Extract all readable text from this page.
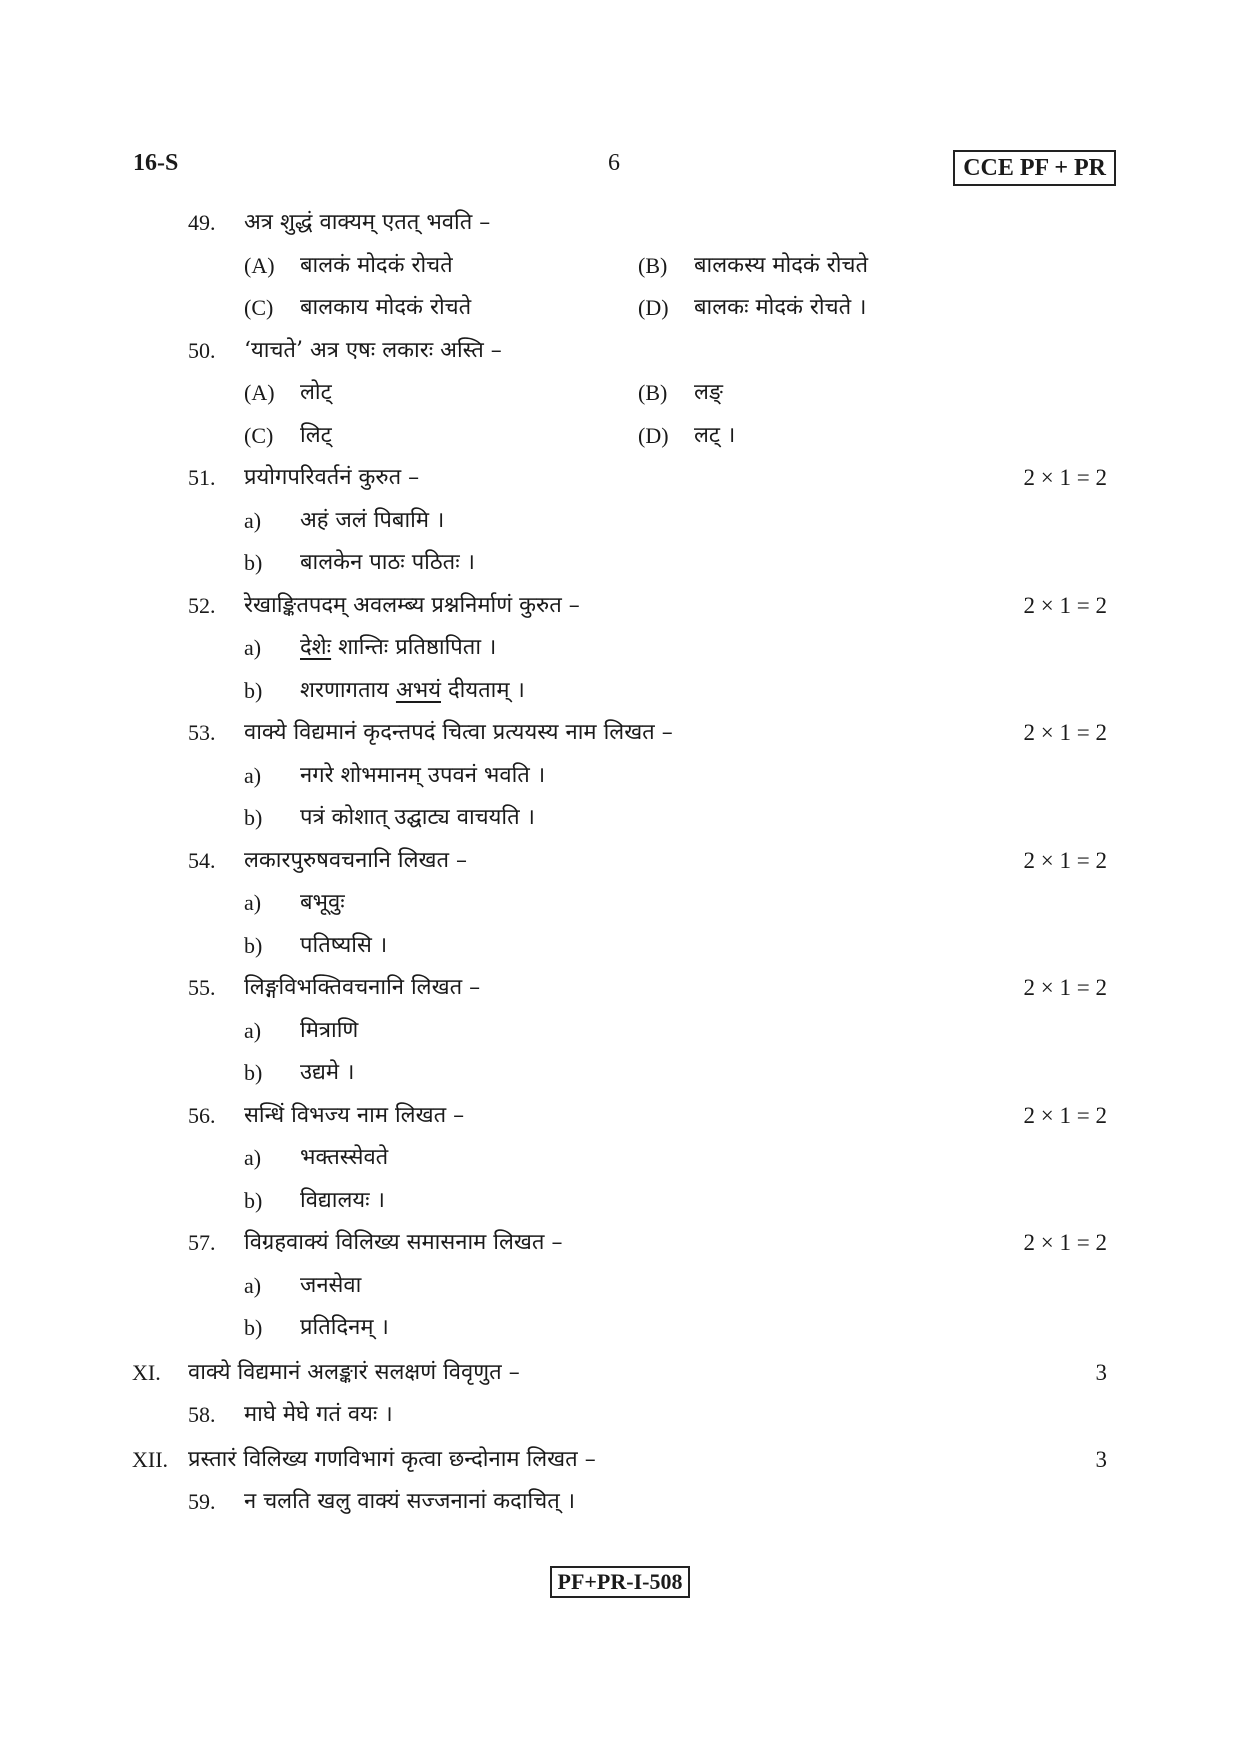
16-S	6	CCE PF + PR
49. अत्र शुद्धं वाक्यम् एतत् भवति –
(A) बालकं मोदकं रोचते	(B) बालकस्य मोदकं रोचते
(C) बालकाय मोदकं रोचते	(D) बालकः मोदकं रोचते ।
50. ‘याचते’ अत्र एषः लकारः अस्ति –
(A) लोट्	(B) लङ्
(C) लिट्	(D) लट् ।
51. प्रयोगपरिवर्तनं कुरुत –	2 × 1 = 2
a) अहं जलं पिबामि ।
b) बालकेन पाठः पठितः ।
52. रेखाङ्कितपदम् अवलम्ब्य प्रश्ननिर्माणं कुरुत –	2 × 1 = 2
a) देशेः शान्तिः प्रतिष्ठापिता ।
b) शरणागताय अभयं दीयताम् ।
53. वाक्ये विद्यमानं कृदन्तपदं चित्वा प्रत्ययस्य नाम लिखत –	2 × 1 = 2
a) नगरे शोभमानम् उपवनं भवति ।
b) पत्रं कोशात् उद्घाट्य वाचयति ।
54. लकारपुरुषवचनानि लिखत –	2 × 1 = 2
a) बभूवुः
b) पतिष्यसि ।
55. लिङ्गविभक्तिवचनानि लिखत –	2 × 1 = 2
a) मित्राणि
b) उद्यमे ।
56. सन्धिं विभज्य नाम लिखत –	2 × 1 = 2
a) भक्तस्सेवते
b) विद्यालयः ।
57. विग्रहवाक्यं विलिख्य समासनाम लिखत –	2 × 1 = 2
a) जनसेवा
b) प्रतिदिनम् ।
XI. वाक्ये विद्यमानं अलङ्कारं सलक्षणं विवृणुत –	3
58. माघे मेघे गतं वयः ।
XII. प्रस्तारं विलिख्य गणविभागं कृत्वा छन्दोनाम लिखत –	3
59. न चलति खलु वाक्यं सज्जनानां कदाचित् ।
PF+PR-I-508
